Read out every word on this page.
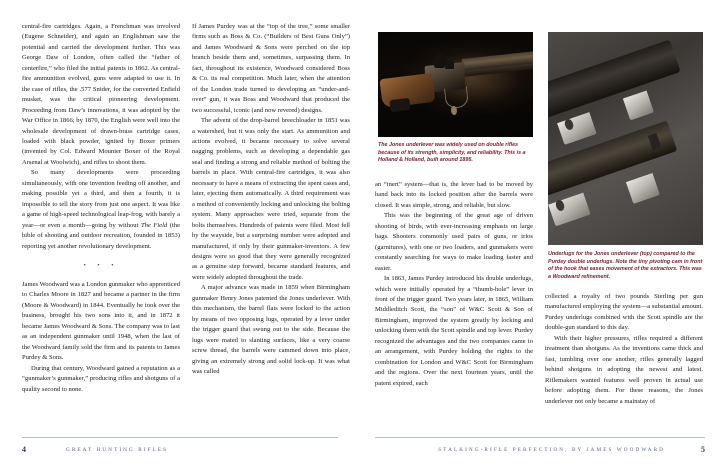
central-fire cartridges. Again, a Frenchman was involved (Eugene Schneider), and again an Englishman saw the potential and carried the development further. This was George Daw of London, often called the “father of centerfire,” who filed the initial patents in 1862. As central-fire ammunition evolved, guns were adapted to use it. In the case of rifles, the .577 Snider, for the converted Enfield musket, was the critical pioneering development. Proceeding from Daw’s innovations, it was adopted by the War Office in 1866; by 1870, the English were well into the wholesale development of drawn-brass cartridge cases, loaded with black powder, ignited by Boxer primers (invented by Col. Edward Mounier Boxer of the Royal Arsenal at Woolwich), and rifles to shoot them.

So many developments were proceeding simultaneously, with one invention feeding off another, and making possible yet a third, and then a fourth, it is impossible to tell the story from just one aspect. It was like a game of high-speed technological leap-frog, with barely a year—or even a month—going by without The Field (the bible of shooting and outdoor recreation, founded in 1853) reporting yet another revolutionary development.

• • •

James Woodward was a London gunmaker who apprenticed to Charles Moore in 1827 and became a partner in the firm (Moore & Woodward) in 1844. Eventually he took over the business, brought his two sons into it, and in 1872 it became James Woodward & Sons. The company was to last as an independent gunmaker until 1948, when the last of the Woodward family sold the firm and its patents to James Purdey & Sons.

During that century, Woodward gained a reputation as a “gunmaker’s gunmaker,” producing rifles and shotguns of a quality second to none.

If James Purdey was at the “top of the tree,” some smaller firms such as Boss & Co. (“Builders of Best Guns Only”) and James Woodward & Sons were perched on the top branch beside them and, sometimes, surpassing them. In fact, throughout its existence, Woodward considered Boss & Co. its real competition. Much later, when the attention of the London trade turned to developing an “under-and-over” gun, it was Boss and Woodward that produced the two successful, iconic (and now revered) designs.

The advent of the drop-barrel breechloader in 1851 was a watershed, but it was only the start. As ammunition and actions evolved, it became necessary to solve several nagging problems, such as developing a dependable gas seal and finding a strong and reliable method of bolting the barrels in place. With central-fire cartridges, it was also necessary to have a means of extracting the spent cases and, later, ejecting them automatically. A third requirement was a method of conveniently locking and unlocking the bolting system. Many approaches were tried, separate from the bolts themselves. Hundreds of patents were filed. Most fell by the wayside, but a surprising number were adopted and manufactured, if only by their gunmaker-inventors. A few designs were so good that they were generally recognized as a genuine step forward, became standard features, and were widely adopted throughout the trade.

A major advance was made in 1859 when Birmingham gunmaker Henry Jones patented the Jones underlever. With this mechanism, the barrel flats were locked to the action by means of two opposing lugs, operated by a lever under the trigger guard that swung out to the side. Because the lugs were mated to slanting surfaces, like a very coarse screw thread, the barrels were cammed down into place, giving an extremely strong and solid lock-up. It was what was called

The Jones underlever was widely used on double rifles because of its strength, simplicity, and reliability. This is a Holland & Holland, built around 1895.
Underlugs for the Jones underlever (top) compared to the Purdey double underlugs. Note the tiny pivoting cam in front of the hook that eases movement of the extractors. This was a Woodward refinement.

an “inert” system—that is, the lever had to be moved by hand back into its locked position after the barrels were closed. It was simple, strong, and reliable, but slow.

This was the beginning of the great age of driven shooting of birds, with ever-increasing emphasis on large bags. Shooters commonly used pairs of guns, or trios (garnitures), with one or two loaders, and gunmakers were constantly searching for ways to make loading faster and easier.

In 1863, James Purdey introduced his double underlugs, which were initially operated by a “thumb-hole” lever in front of the trigger guard. Two years later, in 1865, William Middleditch Scott, the “son” of W&C Scott & Son of Birmingham, improved the system greatly by locking and unlocking them with the Scott spindle and top lever. Purdey recognized the advantages and the two companies came to an arrangement, with Purdey holding the rights to the combination for London and W&C Scott for Birmingham and the regions. Over the next fourteen years, until the patent expired, each

collected a royalty of two pounds Sterling per gun manufactured employing the system—a substantial amount. Purdey underlugs combined with the Scott spindle are the double-gun standard to this day.

With their higher pressures, rifles required a different treatment than shotguns. As the inventions came thick and fast, tumbling over one another, rifles generally lagged behind shotguns in adopting the newest and latest. Riflemakers wanted features well proven in actual use before adopting them. For these reasons, the Jones underlever not only became a mainstay of

4	GREAT HUNTING RIFLES	STALKING-RIFLE PERFECTION, BY JAMES WOODWARD	5
